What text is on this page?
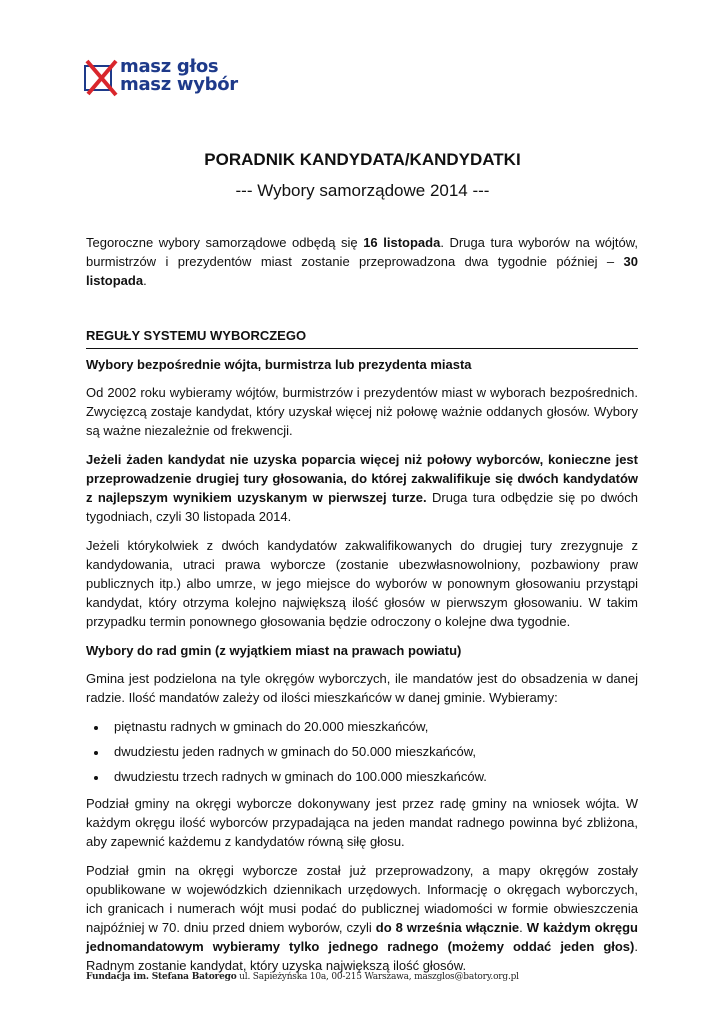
masz głos
masz wybór
PORADNIK KANDYDATA/KANDYDATKI
--- Wybory samorządowe 2014 ---

Tegoroczne wybory samorządowe odbędą się 16 listopada. Druga tura wyborów na wójtów, burmistrzów i prezydentów miast zostanie przeprowadzona dwa tygodnie później – 30 listopada.

REGUŁY SYSTEMU WYBORCZEGO
Wybory bezpośrednie wójta, burmistrza lub prezydenta miasta

Od 2002 roku wybieramy wójtów, burmistrzów i prezydentów miast w wyborach bezpośrednich. Zwycięzcą zostaje kandydat, który uzyskał więcej niż połowę ważnie oddanych głosów. Wybory są ważne niezależnie od frekwencji.

Jeżeli żaden kandydat nie uzyska poparcia więcej niż połowy wyborców, konieczne jest przeprowadzenie drugiej tury głosowania, do której zakwalifikuje się dwóch kandydatów z najlepszym wynikiem uzyskanym w pierwszej turze. Druga tura odbędzie się po dwóch tygodniach, czyli 30 listopada 2014.

Jeżeli którykolwiek z dwóch kandydatów zakwalifikowanych do drugiej tury zrezygnuje z kandydowania, utraci prawa wyborcze (zostanie ubezwłasnowolniony, pozbawiony praw publicznych itp.) albo umrze, w jego miejsce do wyborów w ponownym głosowaniu przystąpi kandydat, który otrzyma kolejno największą ilość głosów w pierwszym głosowaniu. W takim przypadku termin ponownego głosowania będzie odroczony o kolejne dwa tygodnie.

Wybory do rad gmin (z wyjątkiem miast na prawach powiatu)

Gmina jest podzielona na tyle okręgów wyborczych, ile mandatów jest do obsadzenia w danej radzie. Ilość mandatów zależy od ilości mieszkańców w danej gminie. Wybieramy:

• piętnastu radnych w gminach do 20.000 mieszkańców,
• dwudziestu jeden radnych w gminach do 50.000 mieszkańców,
• dwudziestu trzech radnych w gminach do 100.000 mieszkańców.

Podział gminy na okręgi wyborcze dokonywany jest przez radę gminy na wniosek wójta. W każdym okręgu ilość wyborców przypadająca na jeden mandat radnego powinna być zbliżona, aby zapewnić każdemu z kandydatów równą siłę głosu.

Podział gmin na okręgi wyborcze został już przeprowadzony, a mapy okręgów zostały opublikowane w wojewódzkich dziennikach urzędowych. Informację o okręgach wyborczych, ich granicach i numerach wójt musi podać do publicznej wiadomości w formie obwieszczenia najpóźniej w 70. dniu przed dniem wyborów, czyli do 8 września włącznie. W każdym okręgu jednomandatowym wybieramy tylko jednego radnego (możemy oddać jeden głos). Radnym zostanie kandydat, który uzyska największą ilość głosów.

Fundacja im. Stefana Batorego ul. Sapieżyńska 10a, 00-215 Warszawa, maszglos@batory.org.pl
